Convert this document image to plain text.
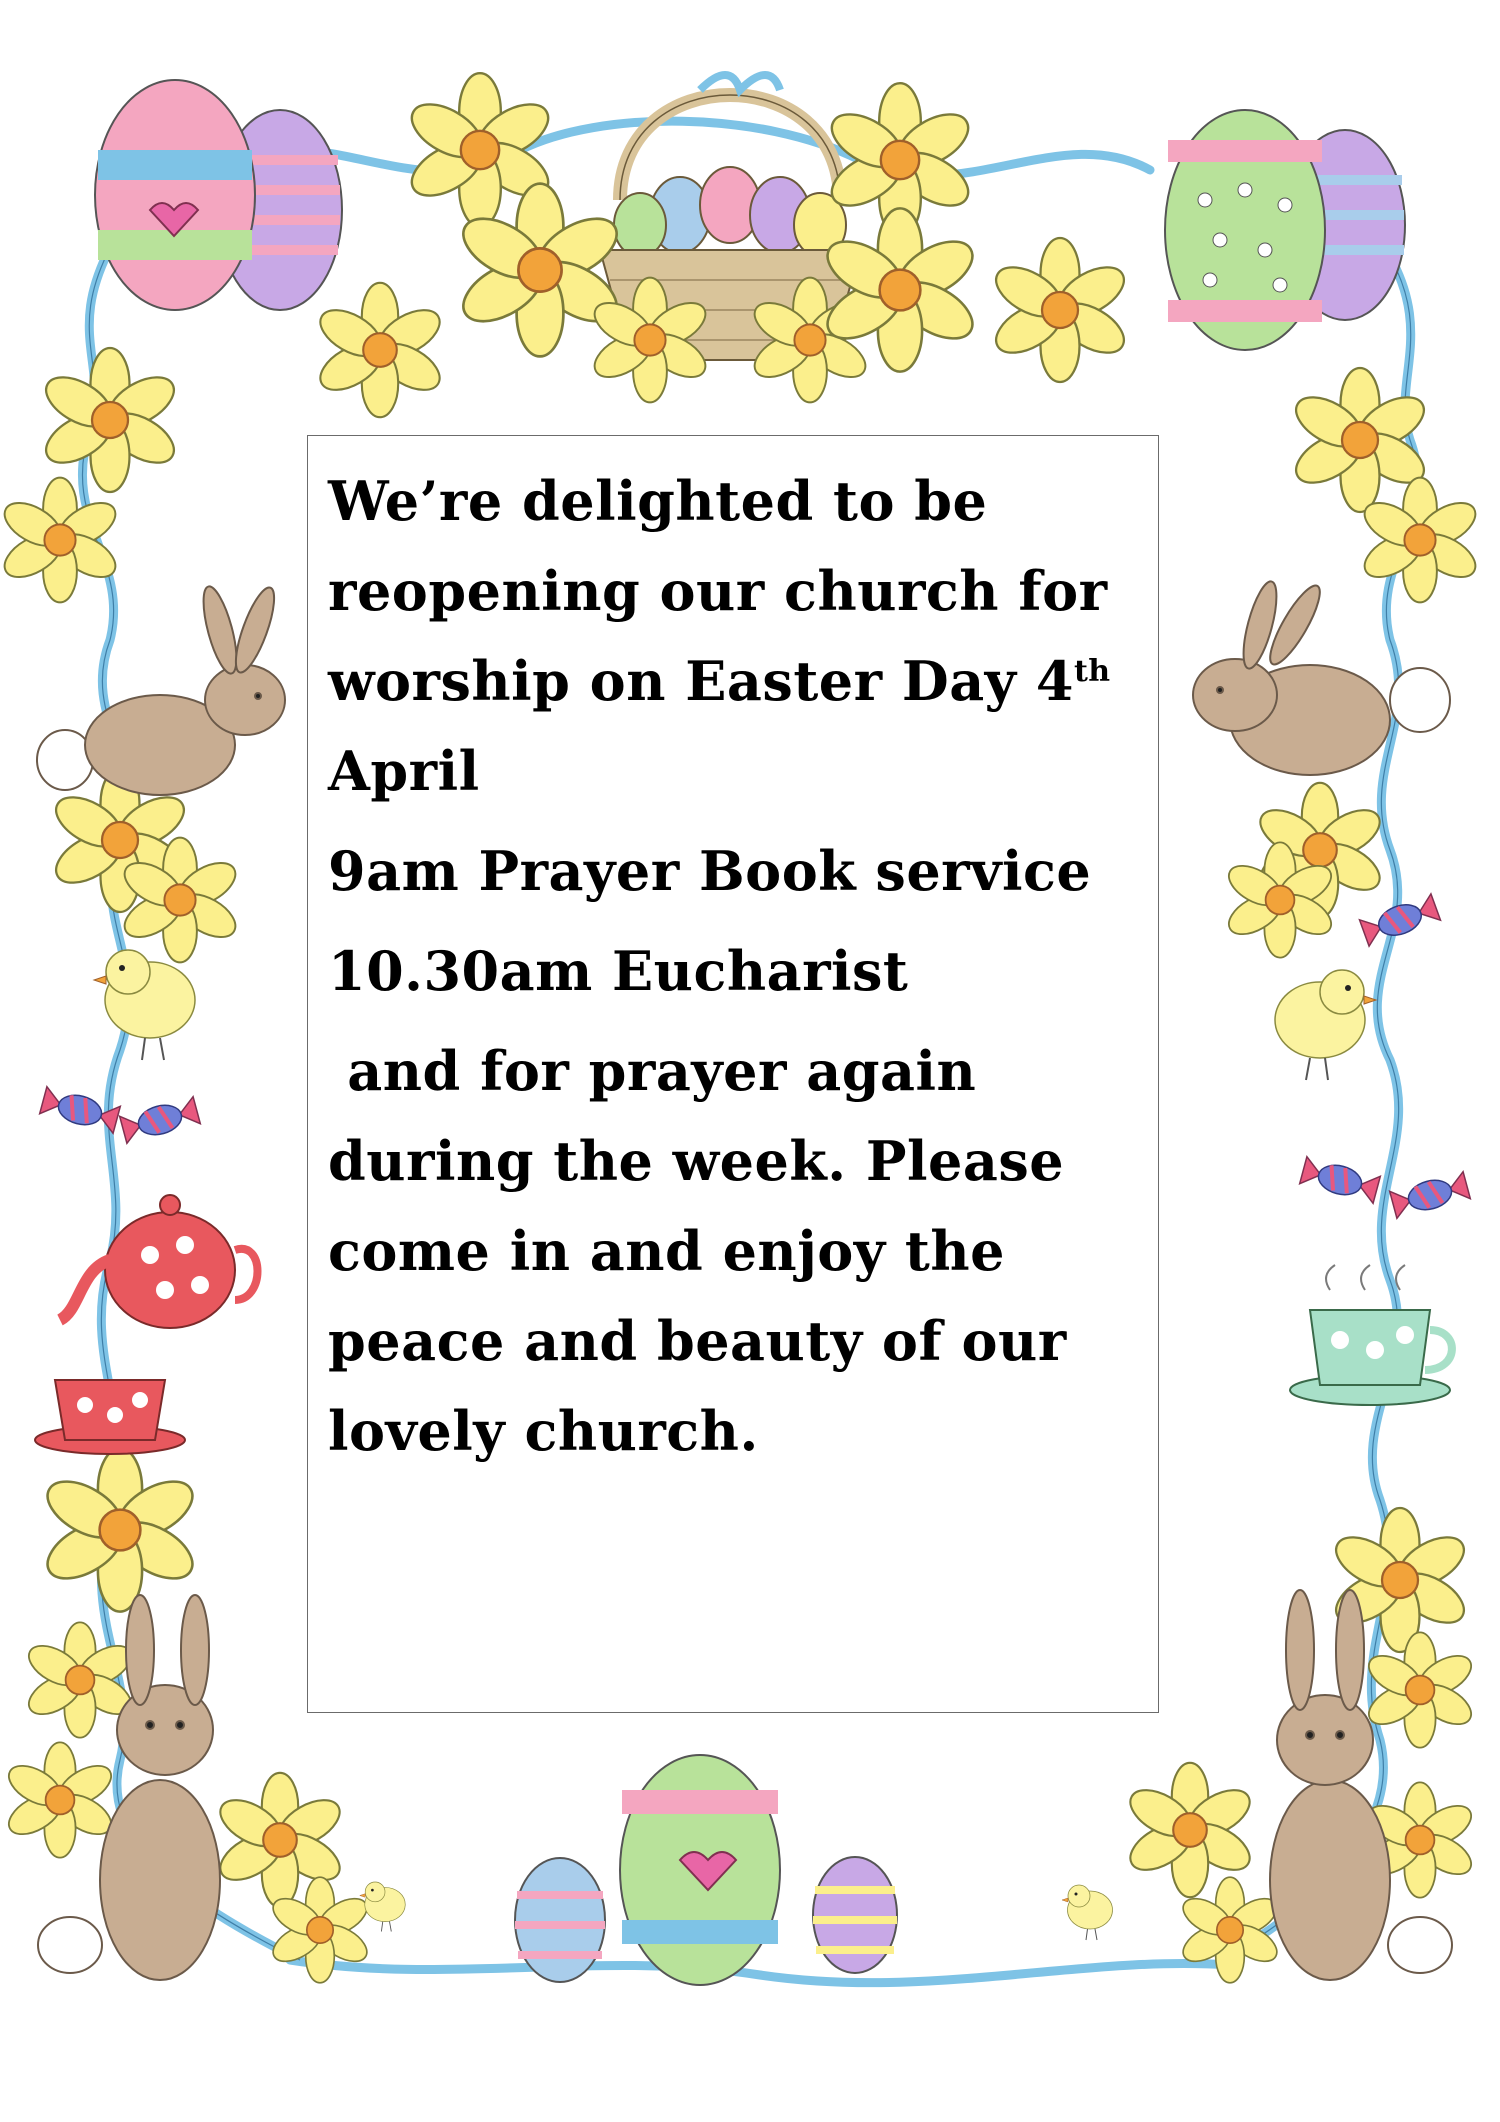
We’re delighted to be reopening our church for worship on Easter Day 4th April

9am Prayer Book service

10.30am Eucharist

and for prayer again during the week. Please come in and enjoy the peace and beauty of our lovely church.
